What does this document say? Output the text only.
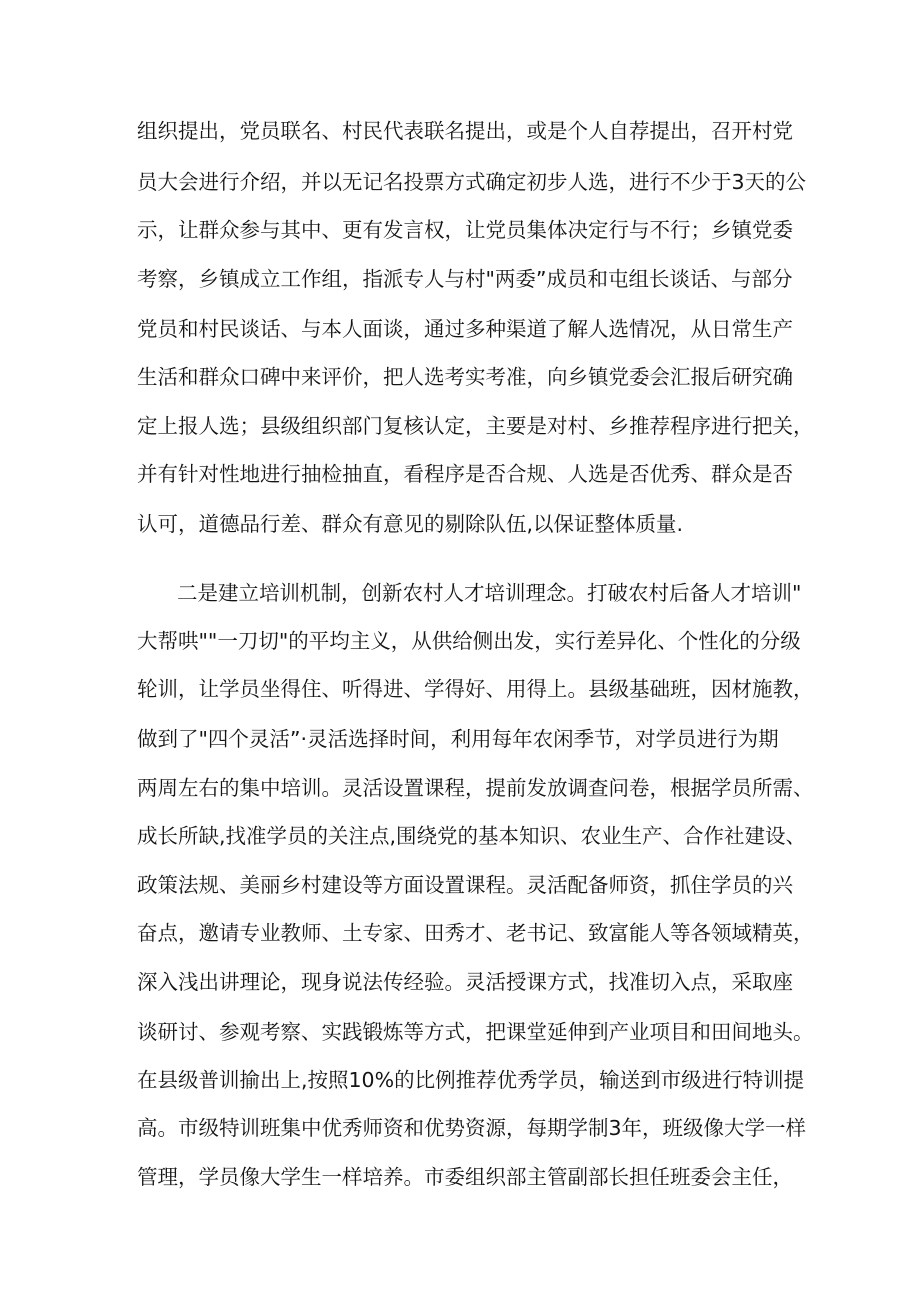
组织提出，党员联名、村民代表联名提出，或是个人自荐提出，召开村党
员大会进行介绍，并以无记名投票方式确定初步人选，进行不少于3天的公
示，让群众参与其中、更有发言权，让党员集体决定行与不行；乡镇党委
考察，乡镇成立工作组，指派专人与村"两委”成员和屯组长谈话、与部分
党员和村民谈话、与本人面谈，通过多种渠道了解人选情况，从日常生产
生活和群众口碑中来评价，把人选考实考准，向乡镇党委会汇报后研究确
定上报人选；县级组织部门复核认定，主要是对村、乡推荐程序进行把关，
并有针对性地进行抽检抽直，看程序是否合规、人选是否优秀、群众是否
认可，道德品行差、群众有意见的剔除队伍,以保证整体质量.
二是建立培训机制，创新农村人才培训理念。打破农村后备人才培训"
大帮哄""一刀切"的平均主义，从供给侧出发，实行差异化、个性化的分级
轮训，让学员坐得住、听得进、学得好、用得上。县级基础班，因材施教，
做到了"四个灵活”·灵活选择时间，利用每年农闲季节，对学员进行为期
两周左右的集中培训。灵活设置课程，提前发放调查问卷，根据学员所需、
成长所缺,找准学员的关注点,围绕党的基本知识、农业生产、合作社建设、
政策法规、美丽乡村建设等方面设置课程。灵活配备师资，抓住学员的兴
奋点，邀请专业教师、土专家、田秀才、老书记、致富能人等各领域精英，
深入浅出讲理论，现身说法传经验。灵活授课方式，找准切入点，采取座
谈研讨、参观考察、实践锻炼等方式，把课堂延伸到产业项目和田间地头。
在县级普训揄出上,按照10%的比例推荐优秀学员，输送到市级进行特训提
高。市级特训班集中优秀师资和优势资源，每期学制3年，班级像大学一样
管理，学员像大学生一样培养。市委组织部主管副部长担任班委会主任，
